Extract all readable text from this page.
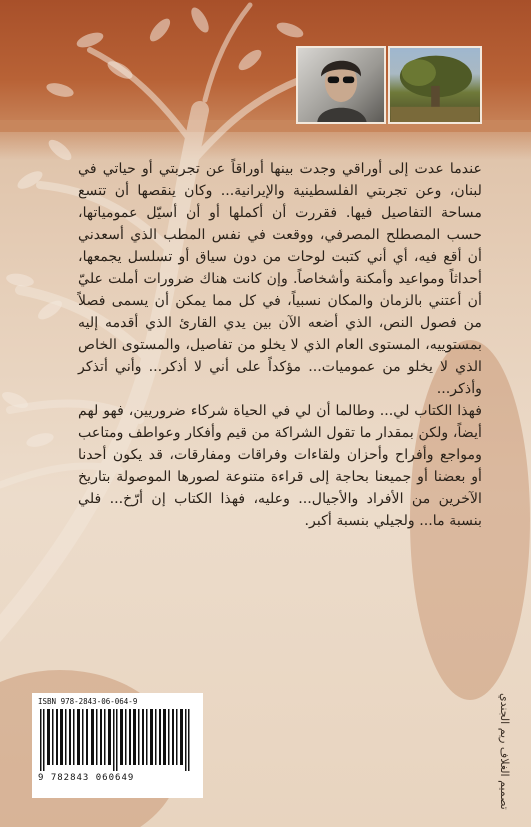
عندما عدت إلى أوراقي وجدت بينها أوراقاً عن تجربتي أو حياتي في لبنان، وعن تجربتي الفلسطينية والإيرانية... وكان ينقصها أن تتسع مساحة التفاصيل فيها. فقررت أن أكملها أو أن أسيّل عمومياتها، حسب المصطلح المصرفي، ووقعت في نفس المطب الذي أسعدني أن أقع فيه، أي أني كتبت لوحات من دون سياق أو تسلسل يجمعها، أحداثاً ومواعيد وأمكنة وأشخاصاً. وإن كانت هناك ضرورات أملت عليّ أن أعتني بالزمان والمكان نسبياً، في كل مما يمكن أن يسمى فصلاً من فصول النص، الذي أضعه الآن بين يدي القارئ الذي أقدمه إليه بمستوييه، المستوى العام الذي لا يخلو من تفاصيل، والمستوى الخاص الذي لا يخلو من عموميات... مؤكداً على أني لا أذكر... وأني أتذكر وأذكر...

فهذا الكتاب لي... وطالما أن لي في الحياة شركاء ضروريين، فهو لهم أيضاً، ولكن بمقدار ما تقول الشراكة من قيم وأفكار وعواطف ومتاعب ومواجع وأفراح وأحزان ولقاءات وفراقات ومفارقات، قد يكون أحدنا أو بعضنا أو جميعنا بحاجة إلى قراءة متنوعة لصورها الموصولة بتاريخ الآخرين من الأفراد والأجيال... وعليه، فهذا الكتاب إن أرّخ... فلي بنسبة ما... ولجيلي بنسبة أكبر.

تصميم الغلاف ريم الجندي
ISBN 978-2843-06-064-9
9 782843 060649
